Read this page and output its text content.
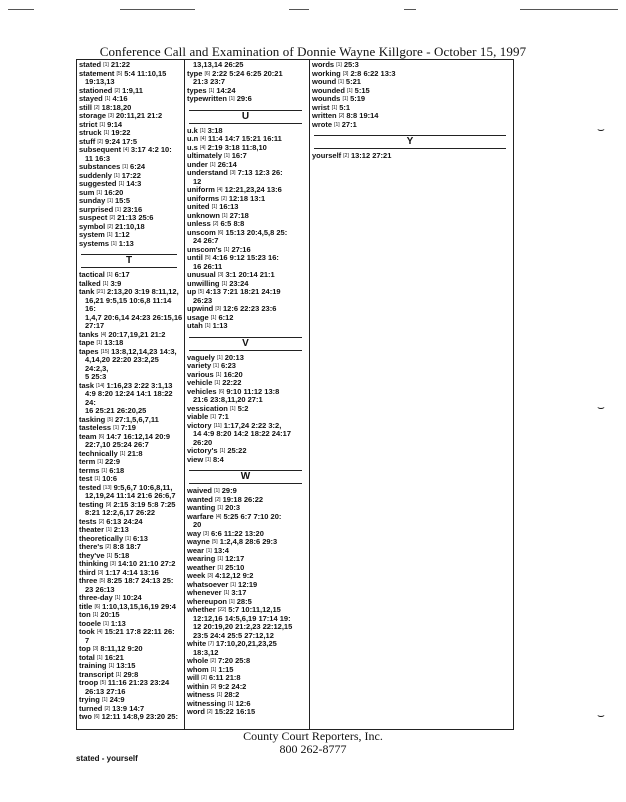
Conference Call and Examination of Donnie Wayne Killgore - October 15, 1997
stated [1] 21:22
statement [5] 5:4 11:10,15
19:13,13
stationed [2] 1:9,11
stayed [1] 4:16
still [2] 18:18,20
storage [3] 20:11,21 21:2
strict [1] 9:14
struck [1] 19:22
stuff [2] 9:24 17:5
subsequent [4] 3:17 4:2 10:
11 16:3
substances [1] 6:24
suddenly [1] 17:22
suggested [1] 14:3
sum [1] 16:20
sunday [1] 15:5
surprised [1] 23:16
suspect [2] 21:13 25:6
symbol [2] 21:10,18
system [1] 1:12
systems [1] 1:13
T
tactical [1] 6:17
talked [1] 3:9
tank [21] 2:13,20 3:19 8:11,12,
16,21 9:5,15 10:6,8 11:14 16:
1,4,7 20:6,14 24:23 26:15,16
27:17
tanks [4] 20:17,19,21 21:2
tape [1] 13:18
tapes [15] 13:8,12,14,23 14:3,
4,14,20 22:20 23:2,25 24:2,3,
5 25:3
task [14] 1:16,23 2:22 3:1,13
4:9 8:20 12:24 14:1 18:22 24:
16 25:21 26:20,25
tasking [5] 27:1,5,6,7,11
tasteless [1] 7:19
team [6] 14:7 16:12,14 20:9
22:7,10 25:24 26:7
technically [1] 21:8
term [1] 22:9
terms [1] 6:18
test [1] 10:6
tested [13] 9:5,6,7 10:6,8,11,
12,19,24 11:14 21:6 26:6,7
testing [9] 2:15 3:19 5:8 7:25
8:21 12:2,6,17 26:22
tests [2] 6:13 24:24
theater [1] 2:13
theoretically [1] 6:13
there's [2] 8:8 18:7
they've [1] 5:18
thinking [3] 14:10 21:10 27:2
third [3] 1:17 4:14 13:16
three [5] 8:25 18:7 24:13 25:
23 26:13
three-day [1] 10:24
title [6] 1:10,13,15,16,19 29:4
ton [1] 20:15
tooele [1] 1:13
took [4] 15:21 17:8 22:11 26:
7
top [3] 8:11,12 9:20
total [1] 16:21
training [1] 13:15
transcript [1] 29:8
troop [5] 11:16 21:23 23:24
26:13 27:16
trying [1] 24:9
turned [2] 13:9 14:7
two [6] 12:11 14:8,9 23:20 25:
13,13,14 26:25
type [6] 2:22 5:24 6:25 20:21
21:3 23:7
types [1] 14:24
typewritten [1] 29:6
U
u.k [1] 3:18
u.n [4] 11:4 14:7 15:21 16:11
u.s [4] 2:19 3:18 11:8,10
ultimately [1] 16:7
under [1] 26:14
understand [3] 7:13 12:3 26:
12
uniform [4] 12:21,23,24 13:6
uniforms [2] 12:18 13:1
united [1] 16:13
unknown [1] 27:18
unless [2] 6:5 8:8
unscom [6] 15:13 20:4,5,8 25:
24 26:7
unscom's [1] 27:16
until [5] 4:16 9:12 15:23 16:
16 26:11
unusual [3] 3:1 20:14 21:1
unwilling [1] 23:24
up [5] 4:13 7:21 18:21 24:19
26:23
upwind [3] 12:6 22:23 23:6
usage [1] 6:12
utah [1] 1:13
V
vaguely [1] 20:13
variety [1] 6:23
various [1] 16:20
vehicle [1] 22:22
vehicles [6] 9:10 11:12 13:8
21:6 23:8,11,20 27:1
vessication [1] 5:2
viable [1] 7:1
victory [11] 1:17,24 2:22 3:2,
14 4:9 8:20 14:2 18:22 24:17
26:20
victory's [1] 25:22
view [1] 8:4
W
waived [1] 29:9
wanted [2] 19:18 26:22
wanting [1] 20:3
warfare [4] 5:25 6:7 7:10 20:
20
way [3] 6:6 11:22 13:20
wayne [5] 1:2,4,8 28:6 29:3
wear [1] 13:4
wearing [1] 12:17
weather [1] 25:10
week [3] 4:12,12 9:2
whatsoever [1] 12:19
whenever [1] 3:17
whereupon [1] 28:5
whether [22] 5:7 10:11,12,15
12:12,16 14:5,6,19 17:14 19:
12 20:19,20 21:2,23 22:12,15
23:5 24:4 25:5 27:12,12
white [7] 17:10,20,21,23,25
18:3,12
whole [2] 7:20 25:8
whom [1] 1:15
will [2] 6:11 21:8
within [2] 9:2 24:2
witness [1] 28:2
witnessing [1] 12:6
word [2] 15:22 16:15
words [1] 25:3
working [3] 2:8 6:22 13:3
wound [1] 5:21
wounded [1] 5:15
wounds [1] 5:19
wrist [1] 5:1
written [2] 8:8 19:14
wrote [1] 27:1
Y
yourself [2] 13:12 27:21
County Court Reporters, Inc.
800 262-8777
stated - yourself
⌣
⌣
⌣
